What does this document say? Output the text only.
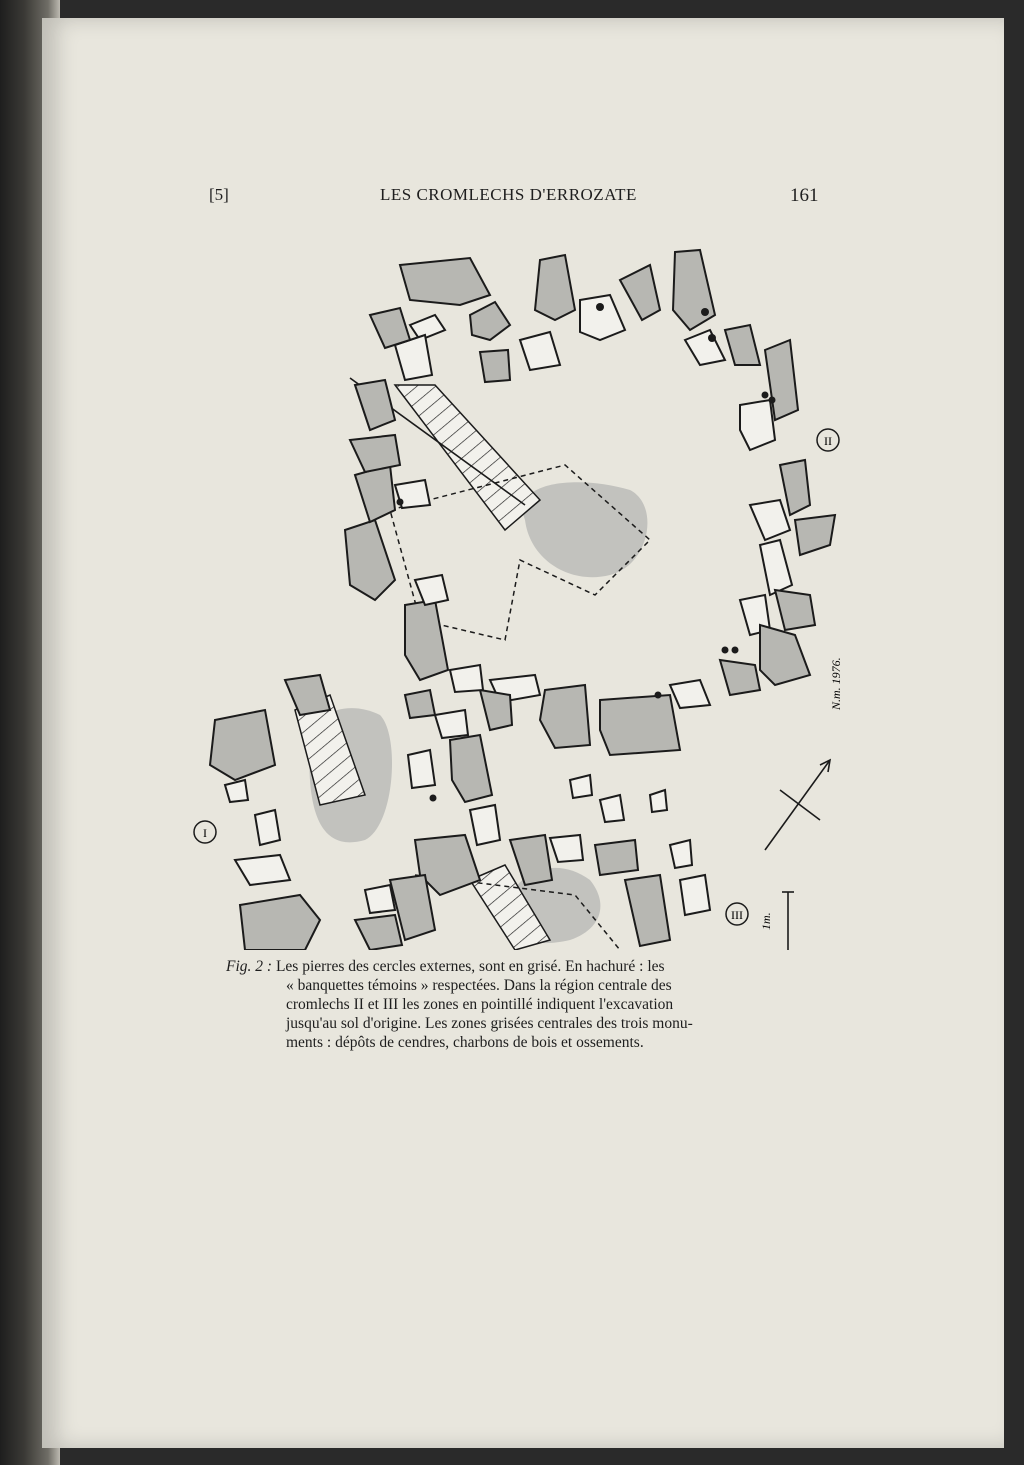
[5]	LES CROMLECHS D'ERROZATE	161
II
I
III
N.m. 1976.
1m.
Fig. 2 : Les pierres des cercles externes, sont en grisé. En hachuré : les
« banquettes témoins » respectées. Dans la région centrale des
cromlechs II et III les zones en pointillé indiquent l'excavation
jusqu'au sol d'origine. Les zones grisées centrales des trois monu-
ments : dépôts de cendres, charbons de bois et ossements.
